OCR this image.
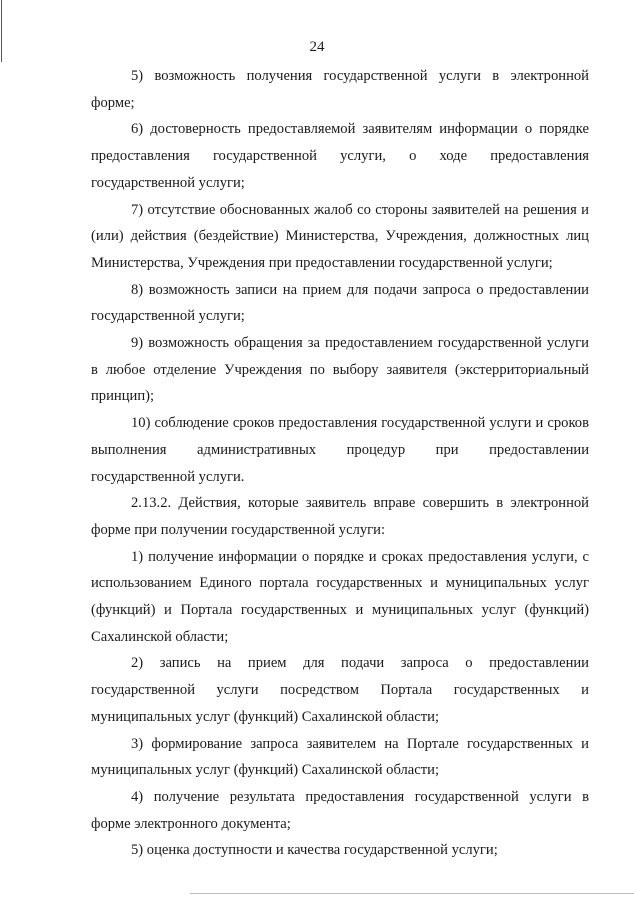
24

5) возможность получения государственной услуги в электронной форме;

6) достоверность предоставляемой заявителям информации о порядке предоставления государственной услуги, о ходе предоставления государственной услуги;

7) отсутствие обоснованных жалоб со стороны заявителей на решения и (или) действия (бездействие) Министерства, Учреждения, должностных лиц Министерства, Учреждения при предоставлении государственной услуги;

8) возможность записи на прием для подачи запроса о предоставлении государственной услуги;

9) возможность обращения за предоставлением государственной услуги в любое отделение Учреждения по выбору заявителя (экстерриториальный принцип);

10) соблюдение сроков предоставления государственной услуги и сроков выполнения административных процедур при предоставлении государственной услуги.

2.13.2. Действия, которые заявитель вправе совершить в электронной форме при получении государственной услуги:

1) получение информации о порядке и сроках предоставления услуги, с использованием Единого портала государственных и муниципальных услуг (функций) и Портала государственных и муниципальных услуг (функций) Сахалинской области;

2) запись на прием для подачи запроса о предоставлении государственной услуги посредством Портала государственных и муниципальных услуг (функций) Сахалинской области;

3) формирование запроса заявителем на Портале государственных и муниципальных услуг (функций) Сахалинской области;

4) получение результата предоставления государственной услуги в форме электронного документа;

5) оценка доступности и качества государственной услуги;
